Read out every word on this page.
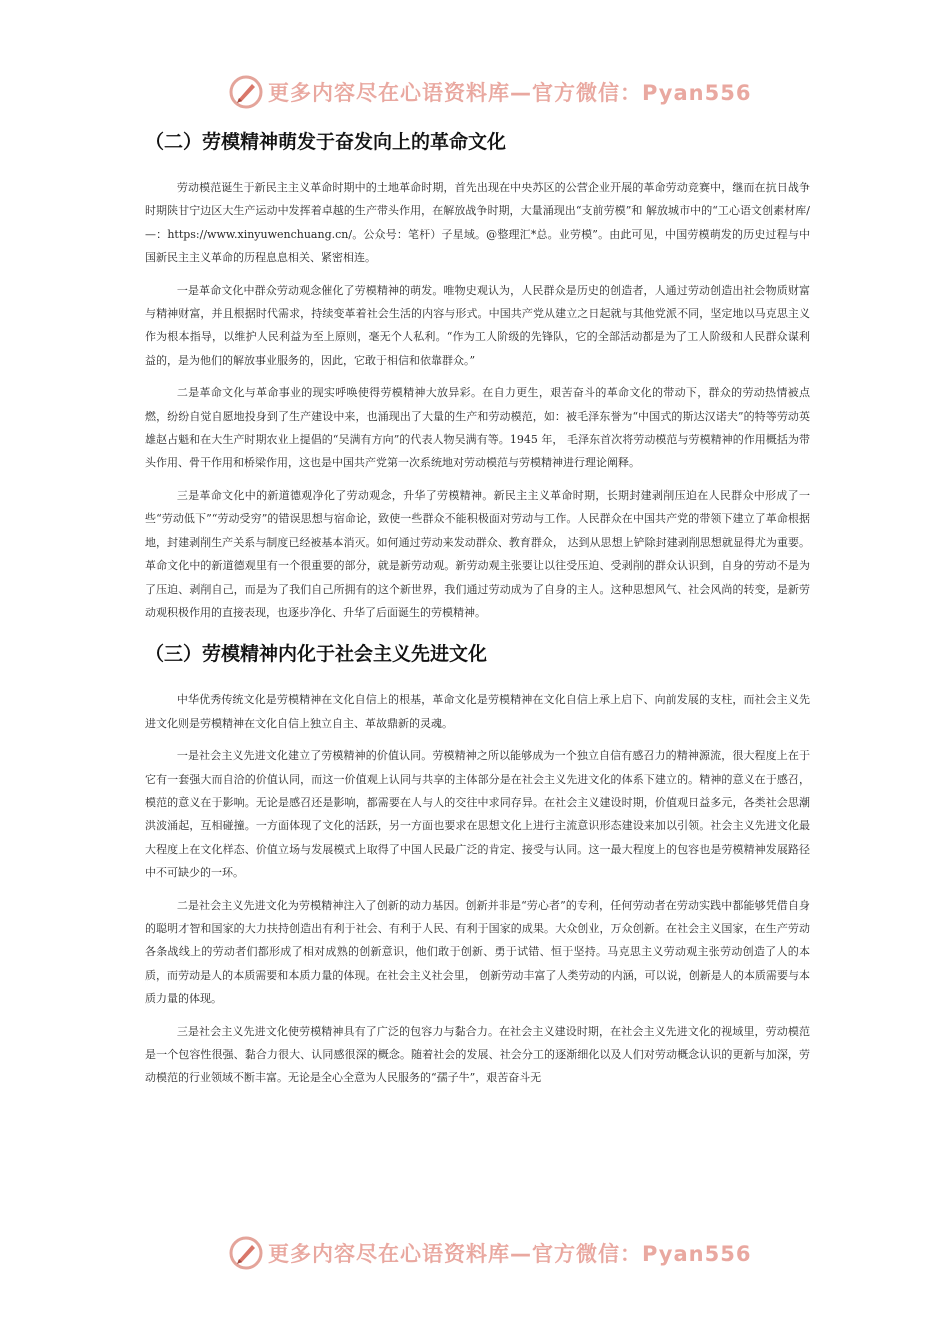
更多内容尽在心语资料库—官方微信：Pyan556
（二）劳模精神萌发于奋发向上的革命文化

劳动模范诞生于新民主主义革命时期中的土地革命时期，首先出现在中央苏区的公营企业开展的革命劳动竞赛中，继而在抗日战争时期陕甘宁边区大生产运动中发挥着卓越的生产带头作用，在解放战争时期，大量涌现出“支前劳模”和 解放城市中的“工心语文创素材库/—：https://www.xinyuwenchuang.cn/。公众号：笔杆）子星域。@整理汇*总。业劳模”。由此可见，中国劳模萌发的历史过程与中国新民主主义革命的历程息息相关、紧密相连。

一是革命文化中群众劳动观念催化了劳模精神的萌发。唯物史观认为，人民群众是历史的创造者，人通过劳动创造出社会物质财富与精神财富，并且根据时代需求，持续变革着社会生活的内容与形式。中国共产党从建立之日起就与其他党派不同，坚定地以马克思主义作为根本指导，以维护人民利益为至上原则，毫无个人私利。“作为工人阶级的先锋队，它的全部活动都是为了工人阶级和人民群众谋利益的，是为他们的解放事业服务的，因此，它敢于相信和依靠群众。”

二是革命文化与革命事业的现实呼唤使得劳模精神大放异彩。在自力更生，艰苦奋斗的革命文化的带动下，群众的劳动热情被点燃，纷纷自觉自愿地投身到了生产建设中来，也涌现出了大量的生产和劳动模范，如：被毛泽东誉为“中国式的斯达汉诺夫”的特等劳动英雄赵占魁和在大生产时期农业上提倡的“吴满有方向”的代表人物吴满有等。1945 年， 毛泽东首次将劳动模范与劳模精神的作用概括为带头作用、骨干作用和桥梁作用，这也是中国共产党第一次系统地对劳动模范与劳模精神进行理论阐释。

三是革命文化中的新道德观净化了劳动观念，升华了劳模精神。新民主主义革命时期，长期封建剥削压迫在人民群众中形成了一些“劳动低下”“劳动受穷”的错误思想与宿命论，致使一些群众不能积极面对劳动与工作。人民群众在中国共产党的带领下建立了革命根据地，封建剥削生产关系与制度已经被基本消灭。如何通过劳动来发动群众、教育群众， 达到从思想上铲除封建剥削思想就显得尤为重要。革命文化中的新道德观里有一个很重要的部分，就是新劳动观。新劳动观主张要让以往受压迫、受剥削的群众认识到，自身的劳动不是为了压迫、剥削自己，而是为了我们自己所拥有的这个新世界，我们通过劳动成为了自身的主人。这种思想风气、社会风尚的转变，是新劳动观积极作用的直接表现，也逐步净化、升华了后面诞生的劳模精神。

（三）劳模精神内化于社会主义先进文化

中华优秀传统文化是劳模精神在文化自信上的根基，革命文化是劳模精神在文化自信上承上启下、向前发展的支柱，而社会主义先进文化则是劳模精神在文化自信上独立自主、革故鼎新的灵魂。

一是社会主义先进文化建立了劳模精神的价值认同。劳模精神之所以能够成为一个独立自信有感召力的精神源流，很大程度上在于它有一套强大而自洽的价值认同，而这一价值观上认同与共享的主体部分是在社会主义先进文化的体系下建立的。精神的意义在于感召，模范的意义在于影响。无论是感召还是影响，都需要在人与人的交往中求同存异。在社会主义建设时期，价值观日益多元，各类社会思潮洪波涌起，互相碰撞。一方面体现了文化的活跃，另一方面也要求在思想文化上进行主流意识形态建设来加以引领。社会主义先进文化最大程度上在文化样态、价值立场与发展模式上取得了中国人民最广泛的肯定、接受与认同。这一最大程度上的包容也是劳模精神发展路径中不可缺少的一环。

二是社会主义先进文化为劳模精神注入了创新的动力基因。创新并非是“劳心者”的专利，任何劳动者在劳动实践中都能够凭借自身的聪明才智和国家的大力扶持创造出有利于社会、有利于人民、有利于国家的成果。大众创业，万众创新。在社会主义国家，在生产劳动各条战线上的劳动者们都形成了相对成熟的创新意识，他们敢于创新、勇于试错、恒于坚持。马克思主义劳动观主张劳动创造了人的本质，而劳动是人的本质需要和本质力量的体现。在社会主义社会里， 创新劳动丰富了人类劳动的内涵，可以说，创新是人的本质需要与本质力量的体现。

三是社会主义先进文化使劳模精神具有了广泛的包容力与黏合力。在社会主义建设时期，在社会主义先进文化的视域里，劳动模范是一个包容性很强、黏合力很大、认同感很深的概念。随着社会的发展、社会分工的逐渐细化以及人们对劳动概念认识的更新与加深，劳动模范的行业领域不断丰富。无论是全心全意为人民服务的“孺子牛”，艰苦奋斗无

更多内容尽在心语资料库—官方微信：Pyan556
